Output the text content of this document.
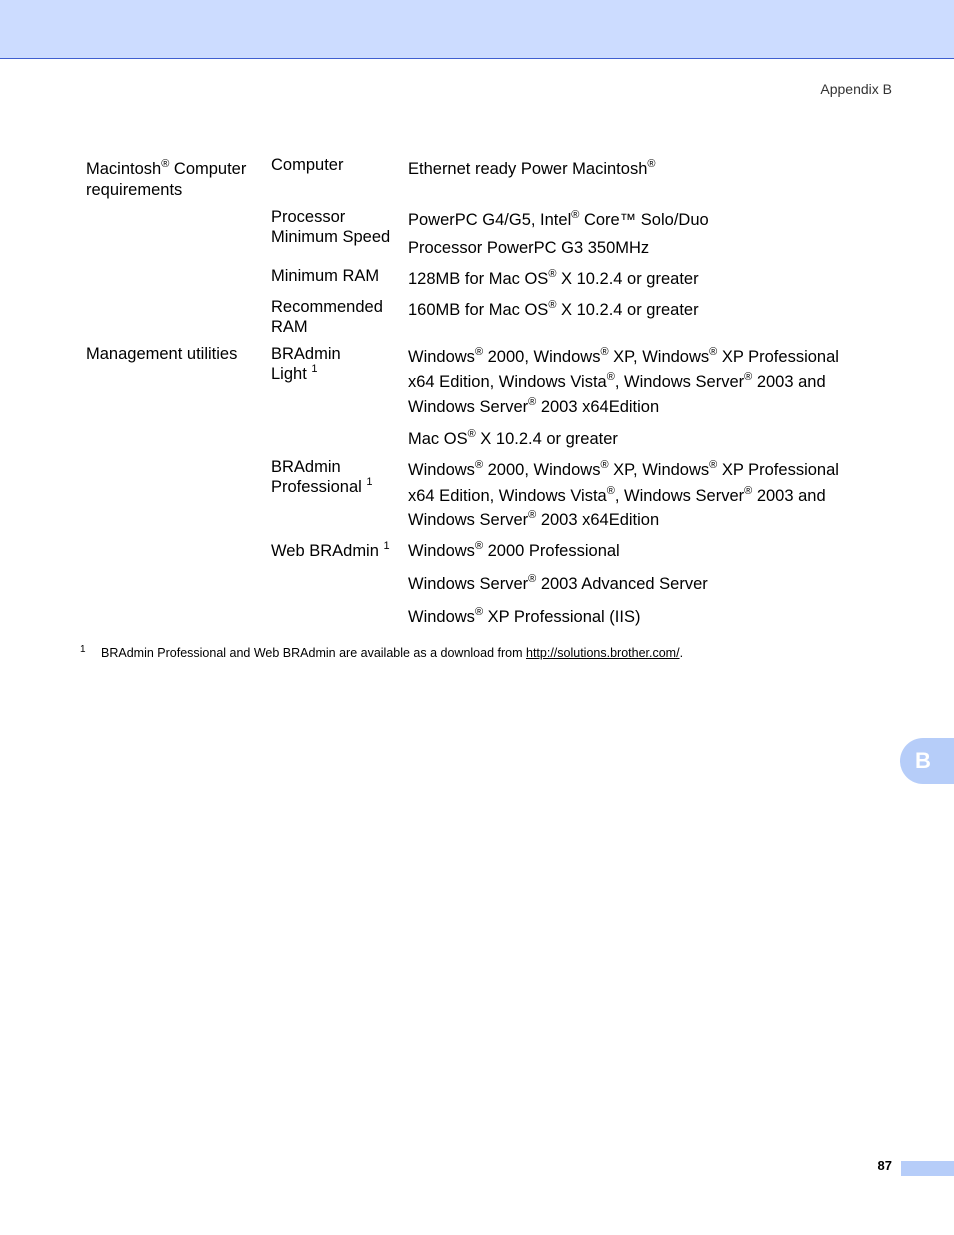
Appendix B
Macintosh® Computer
requirements
Management utilities
Computer
Processor
Minimum Speed
Minimum RAM
Recommended
RAM
BRAdmin
Light $^1$
BRAdmin
Professional $^1$
Web BRAdmin $^1$
Ethernet ready Power Macintosh®
PowerPC G4/G5, Intel® Core™ Solo/Duo
Processor PowerPC G3 350MHz
128MB for Mac OS® X 10.2.4 or greater
160MB for Mac OS® X 10.2.4 or greater
Windows® 2000, Windows® XP, Windows® XP Professional
x64 Edition, Windows Vista®, Windows Server® 2003 and
Windows Server® 2003 x64Edition
Mac OS® X 10.2.4 or greater
Windows® 2000, Windows® XP, Windows® XP Professional
x64 Edition, Windows Vista®, Windows Server® 2003 and
Windows Server® 2003 x64Edition
Windows® 2000 Professional
Windows Server® 2003 Advanced Server
Windows® XP Professional (IIS)
1 BRAdmin Professional and Web BRAdmin are available as a download from http://solutions.brother.com/.
B
87
